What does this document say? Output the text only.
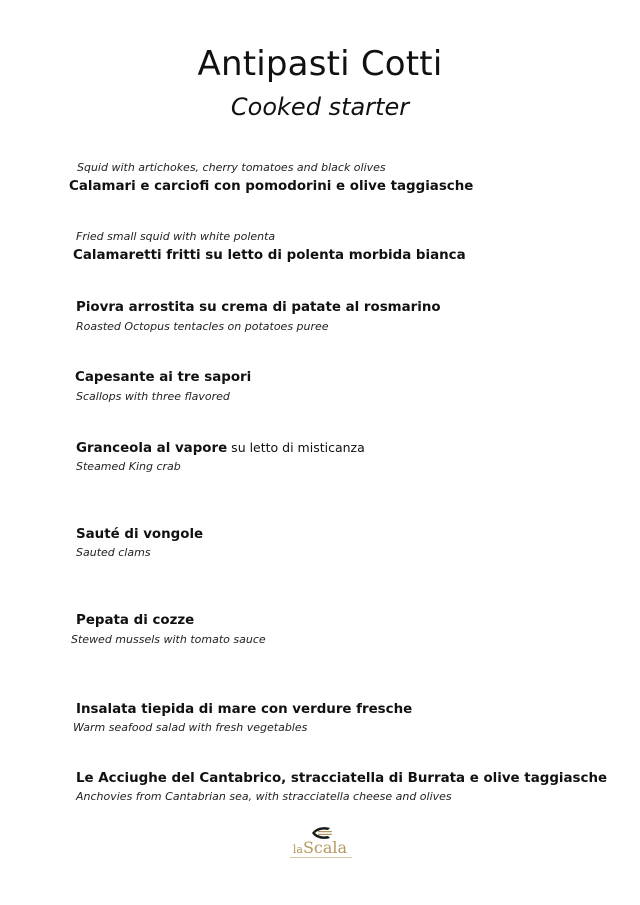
Antipasti Cotti
Cooked starter
Squid with artichokes, cherry tomatoes and black olives
Calamari e carciofi con pomodorini e olive taggiasche
Fried small squid with white polenta
Calamaretti fritti su letto di polenta morbida bianca
Piovra arrostita su crema di patate al rosmarino
Roasted Octopus tentacles on potatoes puree
Capesante ai tre sapori
Scallops with three flavored
Granceola al vapore su letto di misticanza
Steamed King crab
Sauté di vongole
Sauted clams
Pepata di cozze
Stewed mussels with tomato sauce
Insalata tiepida di mare con verdure fresche
Warm seafood salad with fresh vegetables
Le Acciughe del Cantabrico, stracciatella di Burrata e olive taggiasche
Anchovies from Cantabrian sea, with stracciatella cheese and olives
laScala
